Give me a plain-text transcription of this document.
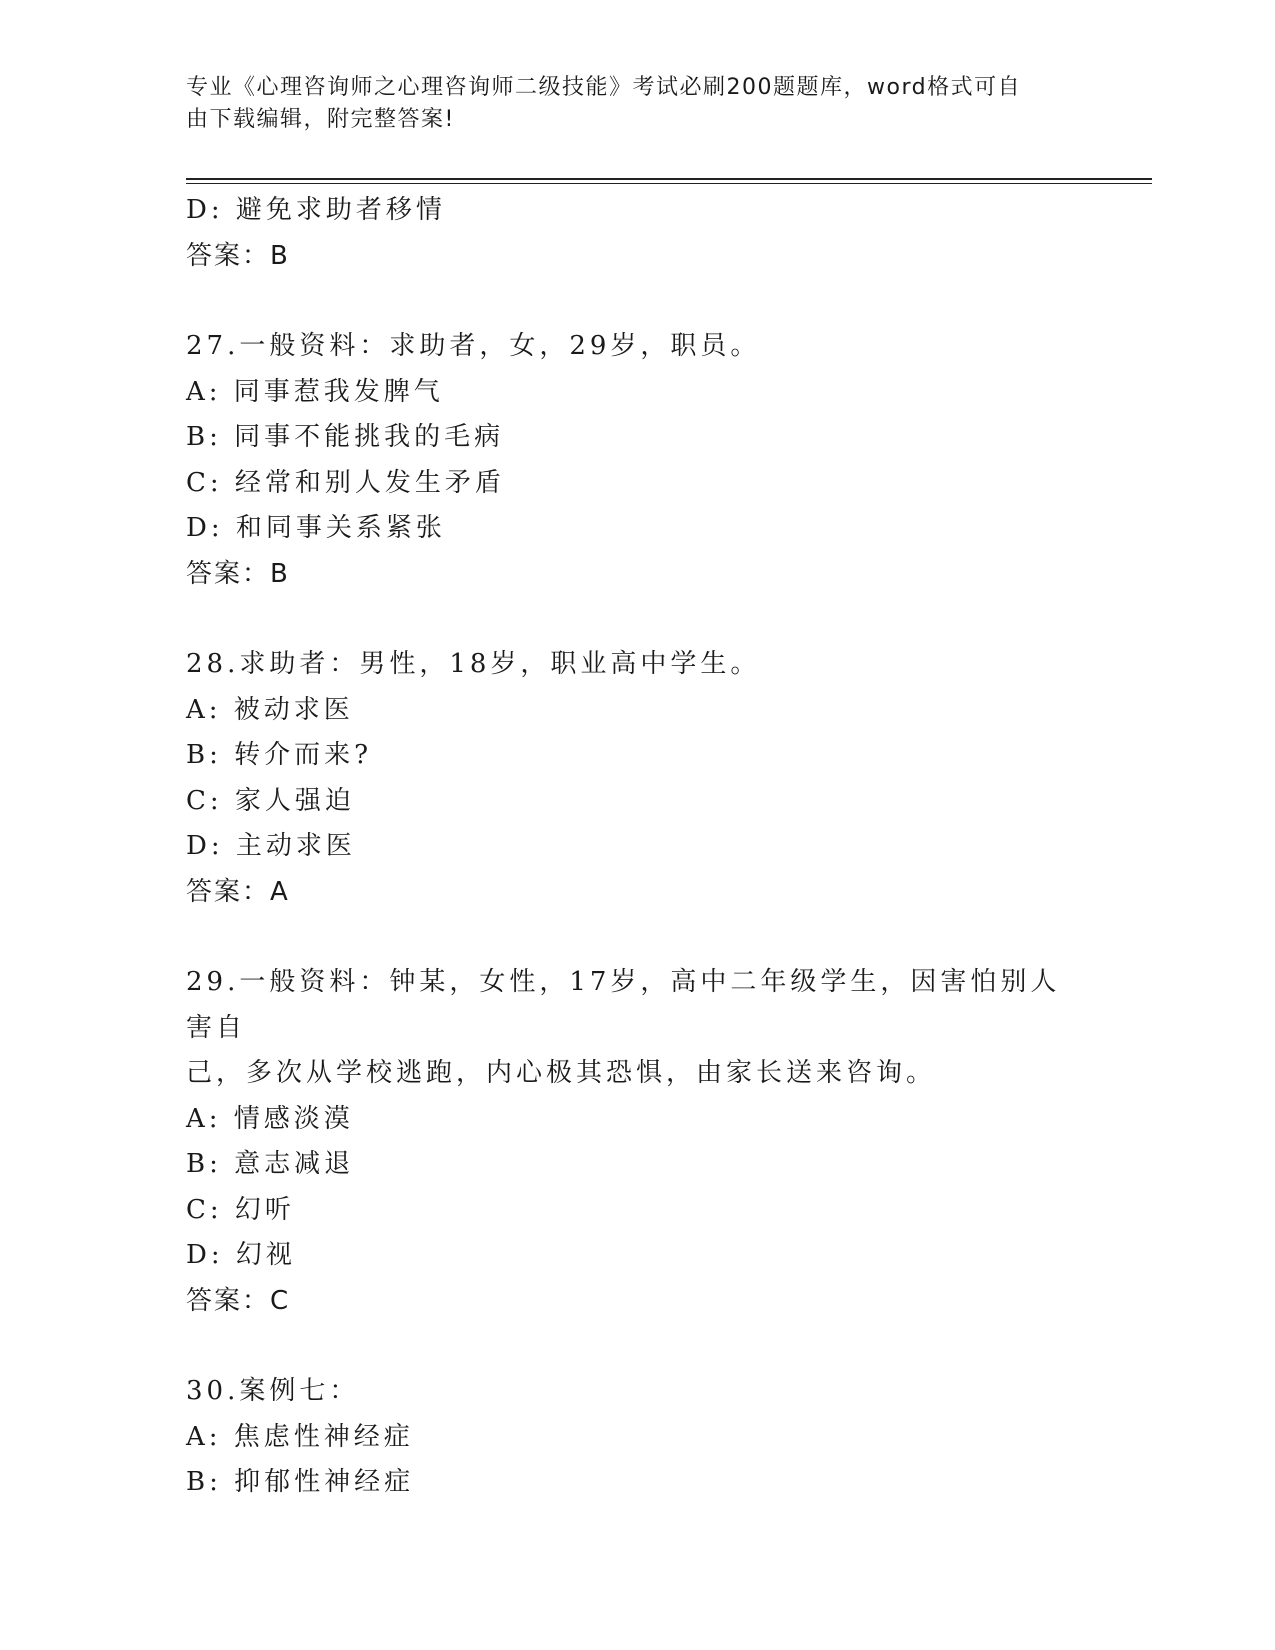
专业《心理咨询师之心理咨询师二级技能》考试必刷200题题库，word格式可自
由下载编辑，附完整答案!
D: 避免求助者移情
答案：B
27.一般资料：求助者，女，29岁，职员。
A: 同事惹我发脾气
B: 同事不能挑我的毛病
C: 经常和别人发生矛盾
D: 和同事关系紧张
答案：B
28.求助者：男性，18岁，职业高中学生。
A: 被动求医
B: 转介而来?
C: 家人强迫
D: 主动求医
答案：A
29.一般资料：钟某，女性，17岁，高中二年级学生，因害怕别人害自
己，多次从学校逃跑，内心极其恐惧，由家长送来咨询。
A: 情感淡漠
B: 意志减退
C: 幻听
D: 幻视
答案：C
30.案例七：
A: 焦虑性神经症
B: 抑郁性神经症
